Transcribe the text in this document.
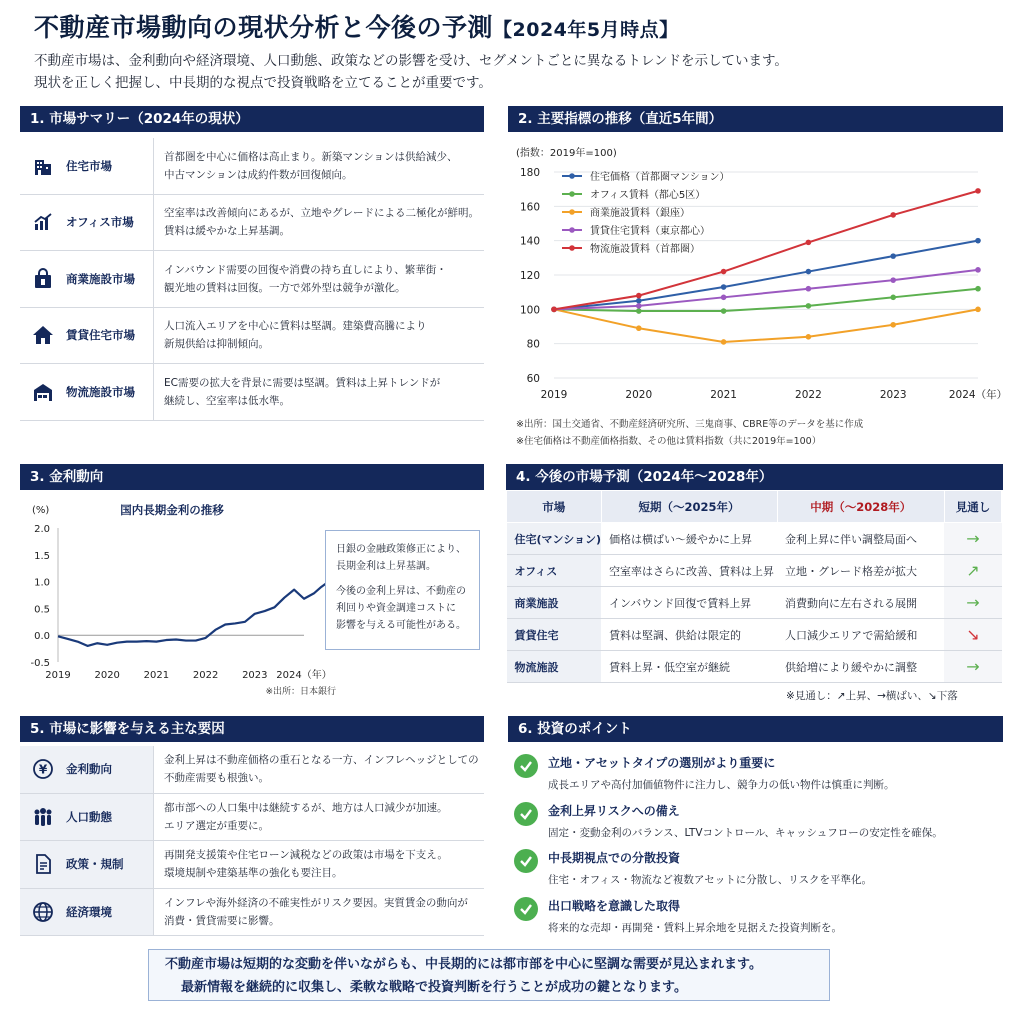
不動産市場動向の現状分析と今後の予測【2024年5月時点】
不動産市場は、金利動向や経済環境、人口動態、政策などの影響を受け、セグメントごとに異なるトレンドを示しています。
現状を正しく把握し、中長期的な視点で投資戦略を立てることが重要です。
1. 市場サマリー（2024年の現状）
住宅市場
首都圏を中心に価格は高止まり。新築マンションは供給減少、
中古マンションは成約件数が回復傾向。
オフィス市場
空室率は改善傾向にあるが、立地やグレードによる二極化が鮮明。
賃料は緩やかな上昇基調。
商業施設市場
インバウンド需要の回復や消費の持ち直しにより、繁華街・
観光地の賃料は回復。一方で郊外型は競争が激化。
賃貸住宅市場
人口流入エリアを中心に賃料は堅調。建築費高騰により
新規供給は抑制傾向。
物流施設市場
EC需要の拡大を背景に需要は堅調。賃料は上昇トレンドが
継続し、空室率は低水準。
2. 主要指標の推移（直近5年間）
(指数：2019年=100)
60
80
100
120
140
160
180
2019	2020	2021	2022	2023	2024（年）
住宅価格（首都圏マンション）
オフィス賃料（都心5区）
商業施設賃料（銀座）
賃貸住宅賃料（東京都心）
物流施設賃料（首都圏）
※出所：国土交通省、不動産経済研究所、三鬼商事、CBRE等のデータを基に作成
※住宅価格は不動産価格指数、その他は賃料指数（共に2019年=100）
3. 金利動向
国内長期金利の推移
(%)
-0.5
0.0
0.5
1.0
1.5
2.0
2019 2020 2021 2022 2023 2024（年）
※出所：日本銀行

日銀の金融政策修正により、
長期金利は上昇基調。

今後の金利上昇は、不動産の
利回りや資金調達コストに
影響を与える可能性がある。

4. 今後の市場予測（2024年～2028年）
市場	短期（～2025年）	中期（～2028年）	見通し
住宅(マンション)	価格は横ばい～緩やかに上昇	金利上昇に伴い調整局面へ	→
オフィス	空室率はさらに改善、賃料は上昇	立地・グレード格差が拡大	↗
商業施設	インバウンド回復で賃料上昇	消費動向に左右される展開	→
賃貸住宅	賃料は堅調、供給は限定的	人口減少エリアで需給緩和	↘
物流施設	賃料上昇・低空室が継続	供給増により緩やかに調整	→
※見通し：↗上昇、→横ばい、↘下落
5. 市場に影響を与える主な要因
¥ 金利動向
金利上昇は不動産価格の重石となる一方、インフレヘッジとしての
不動産需要も根強い。
人口動態
都市部への人口集中は継続するが、地方は人口減少が加速。
エリア選定が重要に。
政策・規制
再開発支援策や住宅ローン減税などの政策は市場を下支え。
環境規制や建築基準の強化も要注目。
経済環境
インフレや海外経済の不確実性がリスク要因。実質賃金の動向が
消費・賃貸需要に影響。
6. 投資のポイント
立地・アセットタイプの選別がより重要に
成長エリアや高付加価値物件に注力し、競争力の低い物件は慎重に判断。
金利上昇リスクへの備え
固定・変動金利のバランス、LTVコントロール、キャッシュフローの安定性を確保。
中長期視点での分散投資
住宅・オフィス・物流など複数アセットに分散し、リスクを平準化。
出口戦略を意識した取得
将来的な売却・再開発・賃料上昇余地を見据えた投資判断を。
不動産市場は短期的な変動を伴いながらも、中長期的には都市部を中心に堅調な需要が見込まれます。
最新情報を継続的に収集し、柔軟な戦略で投資判断を行うことが成功の鍵となります。
